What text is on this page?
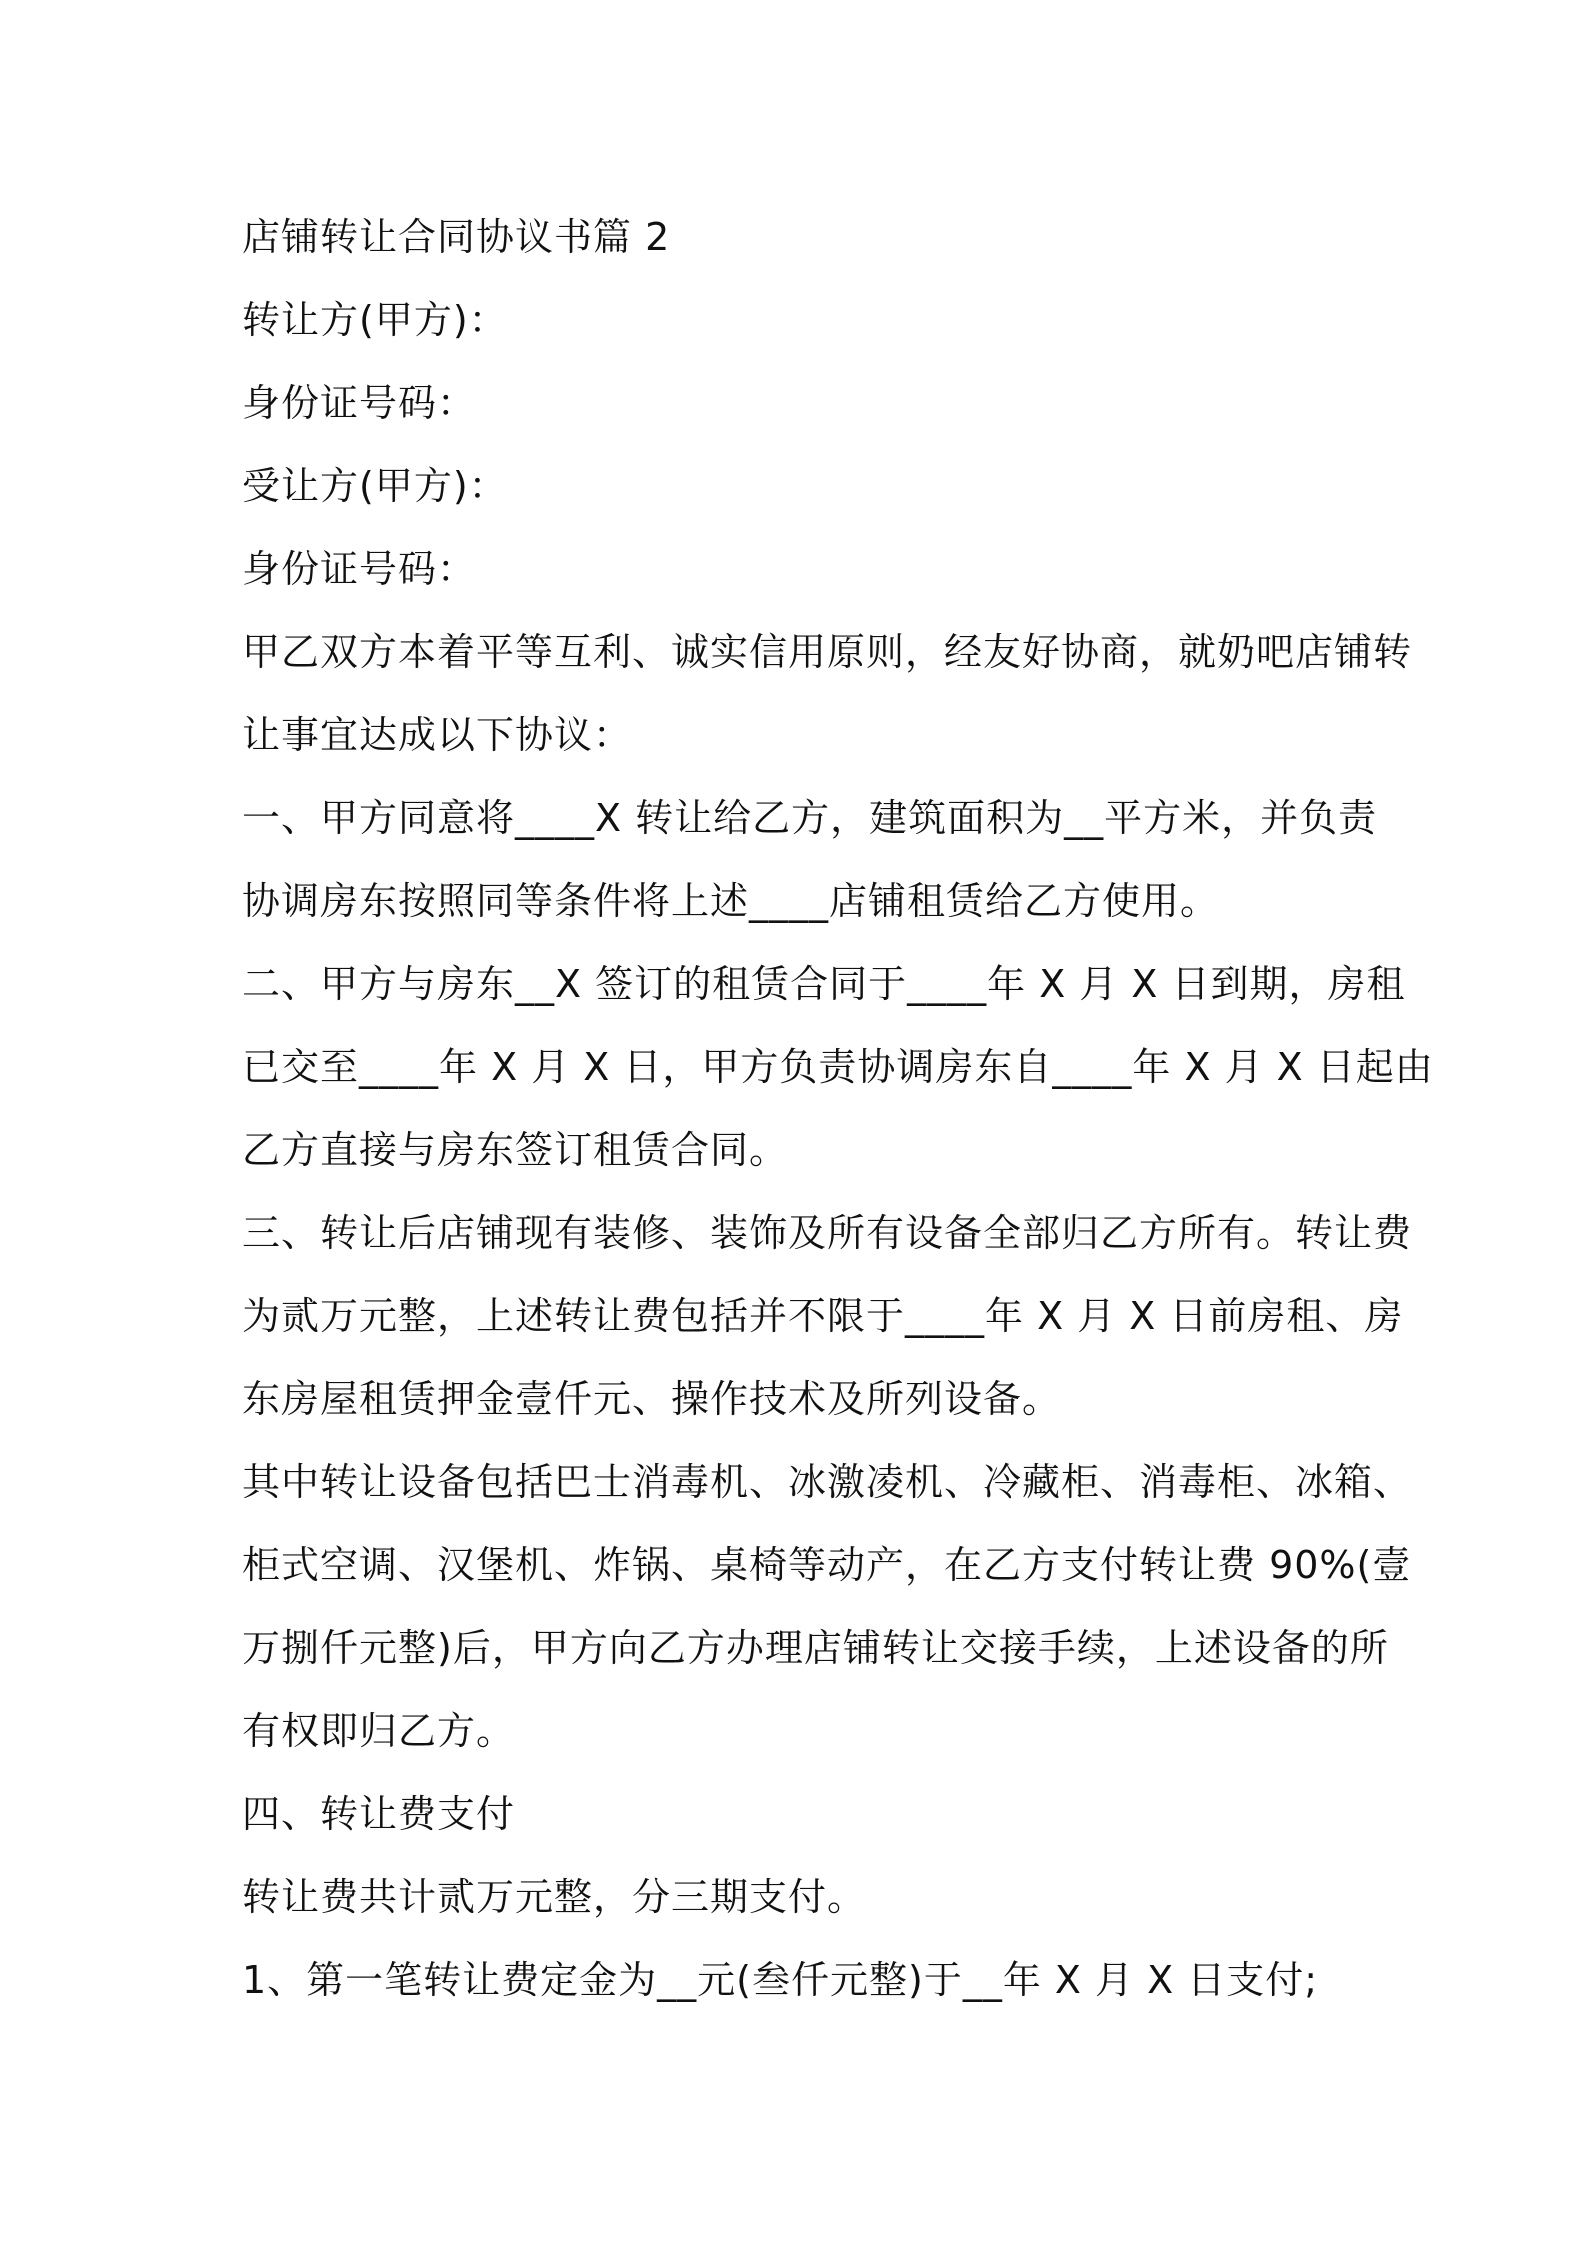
店铺转让合同协议书篇 2
转让方(甲方)：
身份证号码：
受让方(甲方)：
身份证号码：
甲乙双方本着平等互利、诚实信用原则，经友好协商，就奶吧店铺转
让事宜达成以下协议：
一、甲方同意将____X 转让给乙方，建筑面积为__平方米，并负责
协调房东按照同等条件将上述____店铺租赁给乙方使用。
二、甲方与房东__X 签订的租赁合同于____年 X 月 X 日到期，房租
已交至____年 X 月 X 日，甲方负责协调房东自____年 X 月 X 日起由
乙方直接与房东签订租赁合同。
三、转让后店铺现有装修、装饰及所有设备全部归乙方所有。转让费
为贰万元整，上述转让费包括并不限于____年 X 月 X 日前房租、房
东房屋租赁押金壹仟元、操作技术及所列设备。
其中转让设备包括巴士消毒机、冰激凌机、冷藏柜、消毒柜、冰箱、
柜式空调、汉堡机、炸锅、桌椅等动产，在乙方支付转让费 90%(壹
万捌仟元整)后，甲方向乙方办理店铺转让交接手续，上述设备的所
有权即归乙方。
四、转让费支付
转让费共计贰万元整，分三期支付。
1、第一笔转让费定金为__元(叁仟元整)于__年 X 月 X 日支付;
